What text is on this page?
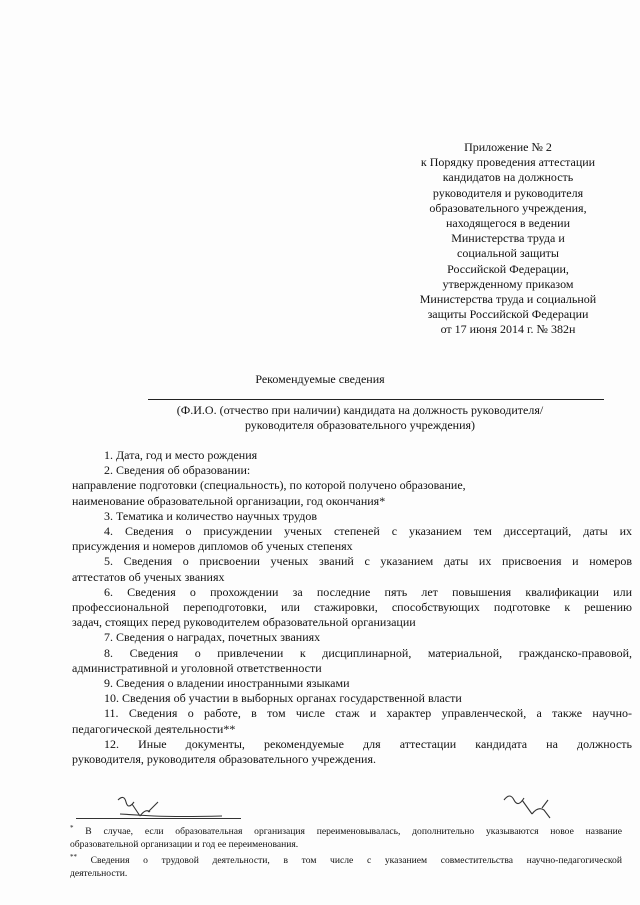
Приложение № 2
к Порядку проведения аттестации
кандидатов на должность
руководителя и руководителя
образовательного учреждения,
находящегося в ведении
Министерства труда и
социальной защиты
Российской Федерации,
утвержденному приказом
Министерства труда и социальной
защиты Российской Федерации
от 17 июня 2014 г. № 382н
Рекомендуемые сведения
(Ф.И.О. (отчество при наличии) кандидата на должность руководителя/
руководителя образовательного учреждения)
1. Дата, год и место рождения
2. Сведения об образовании:
направление подготовки (специальность), по которой получено образование,
наименование образовательной организации, год окончания*
3. Тематика и количество научных трудов
4. Сведения о присуждении ученых степеней с указанием тем диссертаций, даты их
присуждения и номеров дипломов об ученых степенях
5. Сведения о присвоении ученых званий с указанием даты их присвоения и номеров
аттестатов об ученых званиях
6. Сведения о прохождении за последние пять лет повышения квалификации или
профессиональной переподготовки, или стажировки, способствующих подготовке к решению
задач, стоящих перед руководителем образовательной организации
7. Сведения о наградах, почетных званиях
8. Сведения о привлечении к дисциплинарной, материальной, гражданско-правовой,
административной и уголовной ответственности
9. Сведения о владении иностранными языками
10. Сведения об участии в выборных органах государственной власти
11. Сведения о работе, в том числе стаж и характер управленческой, а также научно-
педагогической деятельности**
12. Иные документы, рекомендуемые для аттестации кандидата на должность
руководителя, руководителя образовательного учреждения.
* В случае, если образовательная организация переименовывалась, дополнительно указываются новое название
образовательной организации и год ее переименования.
** Сведения о трудовой деятельности, в том числе с указанием совместительства научно-педагогической
деятельности.
